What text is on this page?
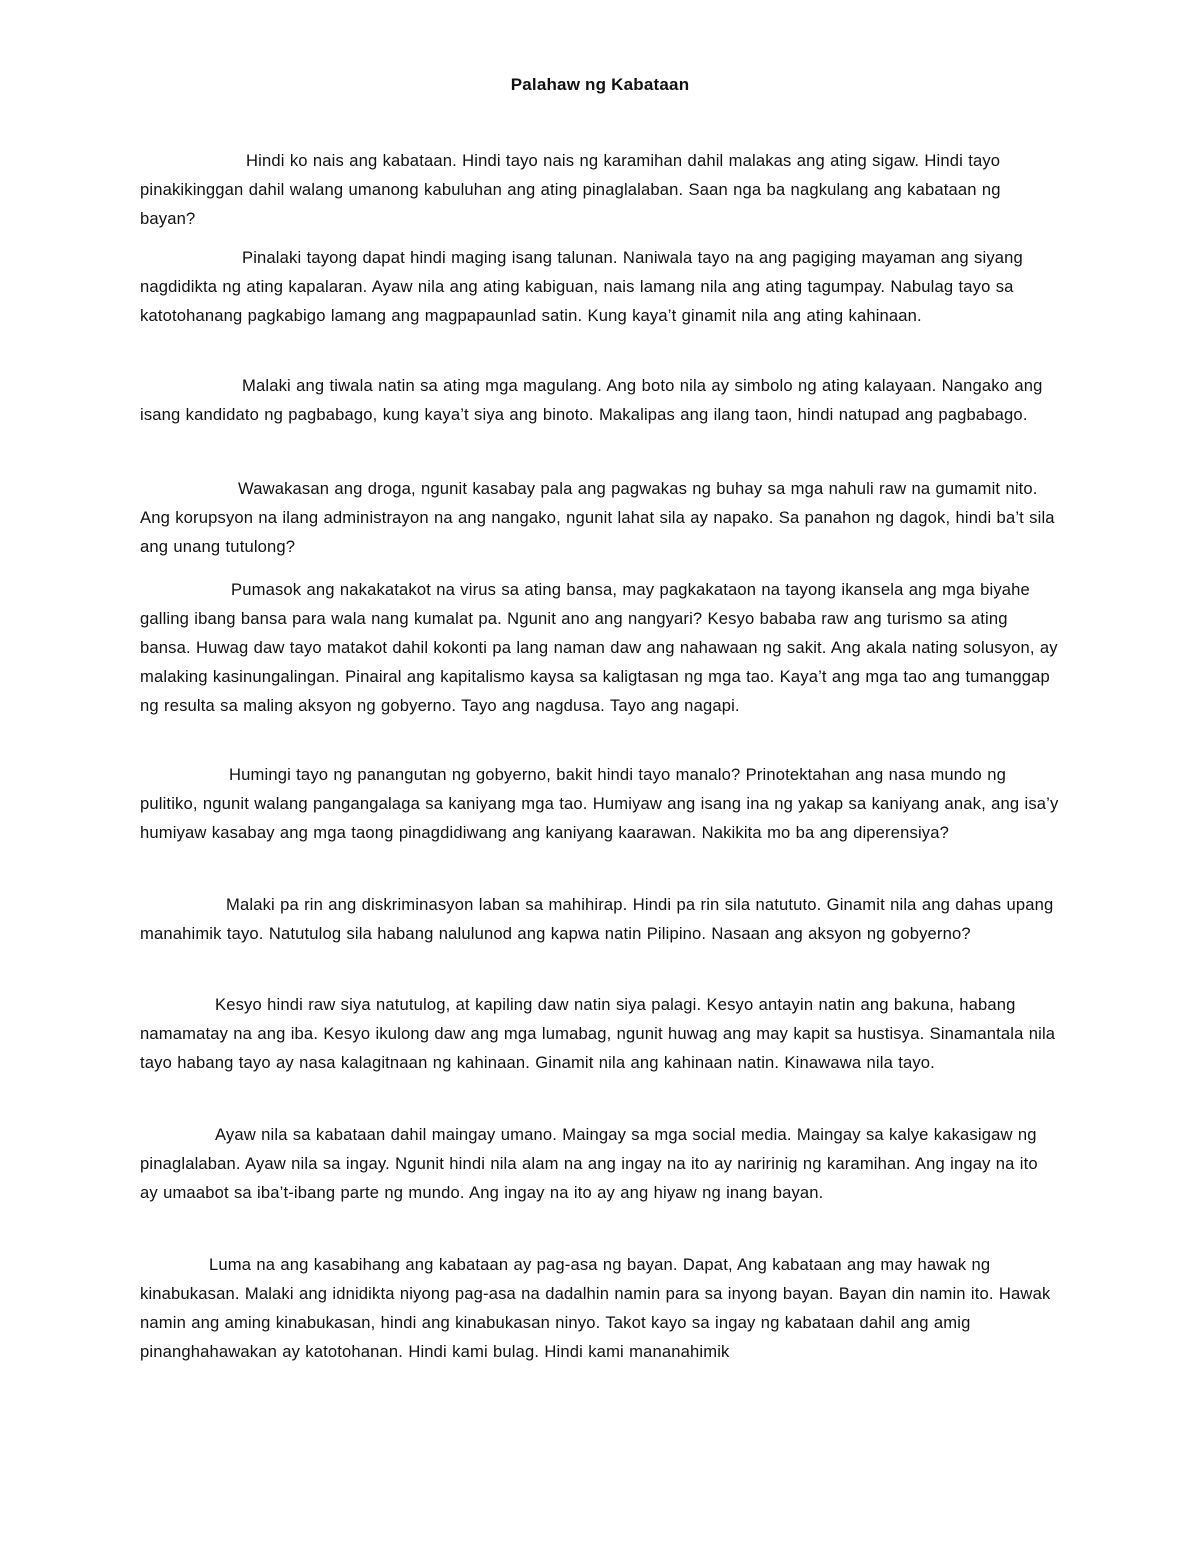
Palahaw ng Kabataan

Hindi ko nais ang kabataan. Hindi tayo nais ng karamihan dahil malakas ang ating sigaw. Hindi tayo pinakikinggan dahil walang umanong kabuluhan ang ating pinaglalaban. Saan nga ba nagkulang ang kabataan ng bayan?

Pinalaki tayong dapat hindi maging isang talunan. Naniwala tayo na ang pagiging mayaman ang siyang nagdidikta ng ating kapalaran. Ayaw nila ang ating kabiguan, nais lamang nila ang ating tagumpay. Nabulag tayo sa katotohanang pagkabigo lamang ang magpapaunlad satin. Kung kaya’t ginamit nila ang ating kahinaan.

Malaki ang tiwala natin sa ating mga magulang. Ang boto nila ay simbolo ng ating kalayaan. Nangako ang isang kandidato ng pagbabago, kung kaya’t siya ang binoto. Makalipas ang ilang taon, hindi natupad ang pagbabago.

Wawakasan ang droga, ngunit kasabay pala ang pagwakas ng buhay sa mga nahuli raw na gumamit nito. Ang korupsyon na ilang administrayon na ang nangako, ngunit lahat sila ay napako. Sa panahon ng dagok, hindi ba’t sila ang unang tutulong?

Pumasok ang nakakatakot na virus sa ating bansa, may pagkakataon na tayong ikansela ang mga biyahe galling ibang bansa para wala nang kumalat pa. Ngunit ano ang nangyari? Kesyo bababa raw ang turismo sa ating bansa. Huwag daw tayo matakot dahil kokonti pa lang naman daw ang nahawaan ng sakit. Ang akala nating solusyon, ay malaking kasinungalingan. Pinairal ang kapitalismo kaysa sa kaligtasan ng mga tao. Kaya’t ang mga tao ang tumanggap ng resulta sa maling aksyon ng gobyerno. Tayo ang nagdusa. Tayo ang nagapi.

Humingi tayo ng panangutan ng gobyerno, bakit hindi tayo manalo? Prinotektahan ang nasa mundo ng pulitiko, ngunit walang pangangalaga sa kaniyang mga tao. Humiyaw ang isang ina ng yakap sa kaniyang anak, ang isa’y humiyaw kasabay ang mga taong pinagdidiwang ang kaniyang kaarawan. Nakikita mo ba ang diperensiya?

Malaki pa rin ang diskriminasyon laban sa mahihirap. Hindi pa rin sila natututo. Ginamit nila ang dahas upang manahimik tayo. Natutulog sila habang nalulunod ang kapwa natin Pilipino. Nasaan ang aksyon ng gobyerno?

Kesyo hindi raw siya natutulog, at kapiling daw natin siya palagi. Kesyo antayin natin ang bakuna, habang namamatay na ang iba. Kesyo ikulong daw ang mga lumabag, ngunit huwag ang may kapit sa hustisya. Sinamantala nila tayo habang tayo ay nasa kalagitnaan ng kahinaan. Ginamit nila ang kahinaan natin. Kinawawa nila tayo.

Ayaw nila sa kabataan dahil maingay umano. Maingay sa mga social media. Maingay sa kalye kakasigaw ng pinaglalaban. Ayaw nila sa ingay. Ngunit hindi nila alam na ang ingay na ito ay naririnig ng karamihan. Ang ingay na ito ay umaabot sa iba’t-ibang parte ng mundo. Ang ingay na ito ay ang hiyaw ng inang bayan.

Luma na ang kasabihang ang kabataan ay pag-asa ng bayan. Dapat, Ang kabataan ang may hawak ng kinabukasan. Malaki ang idnidikta niyong pag-asa na dadalhin namin para sa inyong bayan. Bayan din namin ito. Hawak namin ang aming kinabukasan, hindi ang kinabukasan ninyo. Takot kayo sa ingay ng kabataan dahil ang amig pinanghahawakan ay katotohanan. Hindi kami bulag. Hindi kami mananahimik
